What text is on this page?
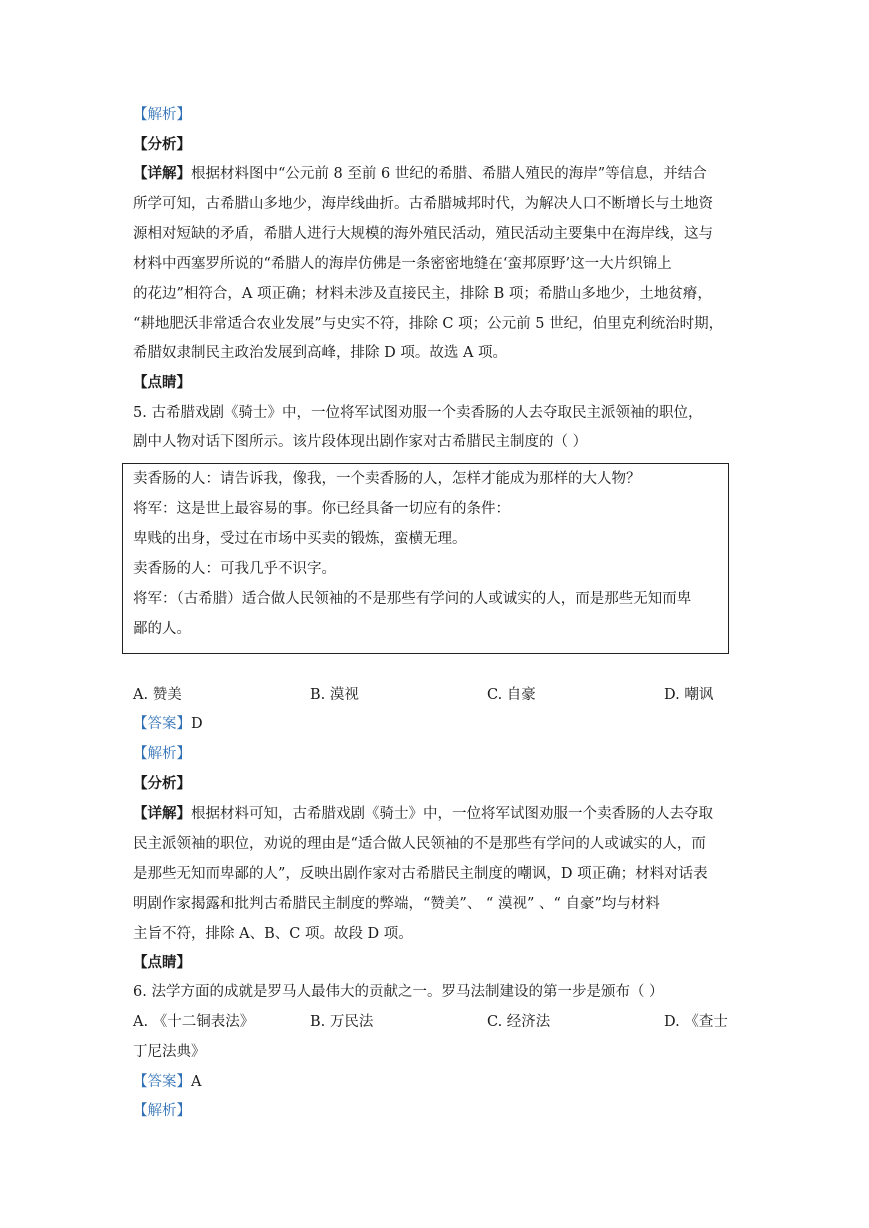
【解析】
【分析】
【详解】根据材料图中“公元前 8 至前 6 世纪的希腊、希腊人殖民的海岸”等信息，并结合
所学可知，古希腊山多地少，海岸线曲折。古希腊城邦时代，为解决人口不断增长与土地资
源相对短缺的矛盾，希腊人进行大规模的海外殖民活动，殖民活动主要集中在海岸线，这与
材料中西塞罗所说的“希腊人的海岸仿佛是一条密密地缝在‘蛮邦原野’这一大片织锦上
的花边”相符合，A 项正确；材料未涉及直接民主，排除 B 项；希腊山多地少，土地贫瘠，
“耕地肥沃非常适合农业发展”与史实不符，排除 C 项；公元前 5 世纪，伯里克利统治时期，
希腊奴隶制民主政治发展到高峰，排除 D 项。故选 A 项。
【点睛】
5. 古希腊戏剧《骑士》中，一位将军试图劝服一个卖香肠的人去夺取民主派领袖的职位，
剧中人物对话下图所示。该片段体现出剧作家对古希腊民主制度的（ ）
卖香肠的人：请告诉我，像我，一个卖香肠的人，怎样才能成为那样的大人物？
将军：这是世上最容易的事。你已经具备一切应有的条件：
卑贱的出身，受过在市场中买卖的锻炼，蛮横无理。
卖香肠的人：可我几乎不识字。
将军：（古希腊）适合做人民领袖的不是那些有学问的人或诚实的人，而是那些无知而卑
鄙的人。
A. 赞美	B. 漠视	C. 自豪	D. 嘲讽
【答案】D
【解析】
【分析】
【详解】根据材料可知，古希腊戏剧《骑士》中，一位将军试图劝服一个卖香肠的人去夺取
民主派领袖的职位，劝说的理由是“适合做人民领袖的不是那些有学问的人或诚实的人，而
是那些无知而卑鄙的人”，反映出剧作家对古希腊民主制度的嘲讽，D 项正确；材料对话表
明剧作家揭露和批判古希腊民主制度的弊端，“赞美”、 “ 漠视” 、“ 自豪”均与材料
主旨不符，排除 A、B、C 项。故段 D 项。
【点睛】
6. 法学方面的成就是罗马人最伟大的贡献之一。罗马法制建设的第一步是颁布（ ）
A. 《十二铜表法》	B. 万民法	C. 经济法	D. 《查士
丁尼法典》
【答案】A
【解析】
